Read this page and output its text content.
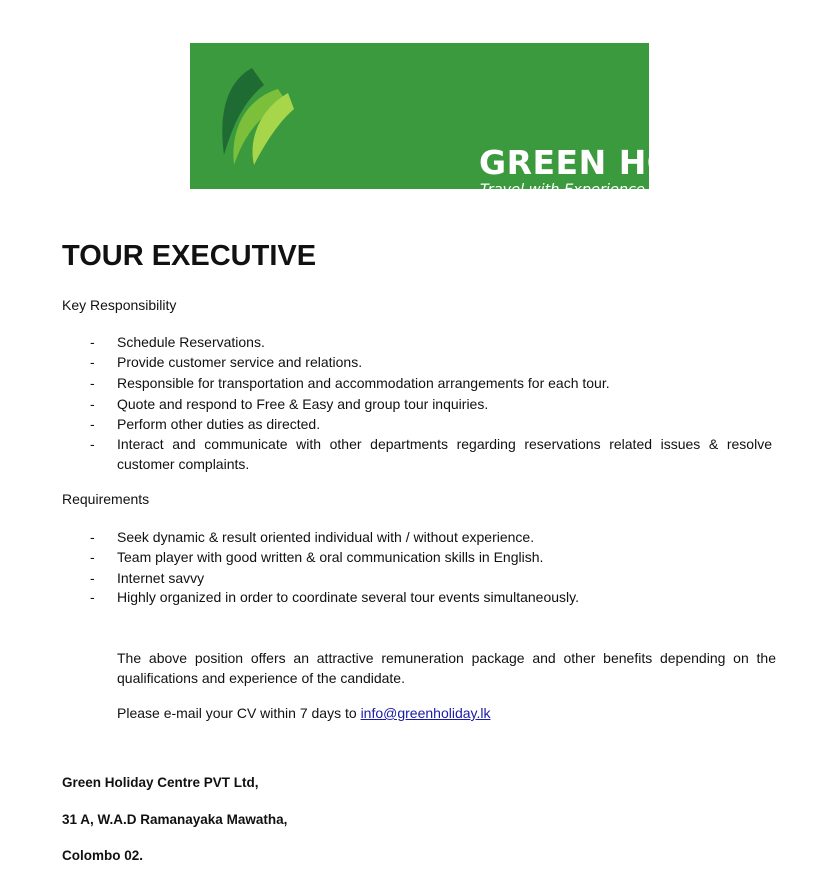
GREEN HOLIDAY
Travel with Experience
TOUR EXECUTIVE
Key Responsibility
- Schedule Reservations.
- Provide customer service and relations.
- Responsible for transportation and accommodation arrangements for each tour.
- Quote and respond to Free & Easy and group tour inquiries.
- Perform other duties as directed.
- Interact and communicate with other departments regarding reservations related issues & resolve customer complaints.
Requirements
- Seek dynamic & result oriented individual with / without experience.
- Team player with good written & oral communication skills in English.
- Internet savvy
- Highly organized in order to coordinate several tour events simultaneously.
The above position offers an attractive remuneration package and other benefits depending on the qualifications and experience of the candidate.
Please e-mail your CV within 7 days to info@greenholiday.lk
Green Holiday Centre PVT Ltd,
31 A, W.A.D Ramanayaka Mawatha,
Colombo 02.
